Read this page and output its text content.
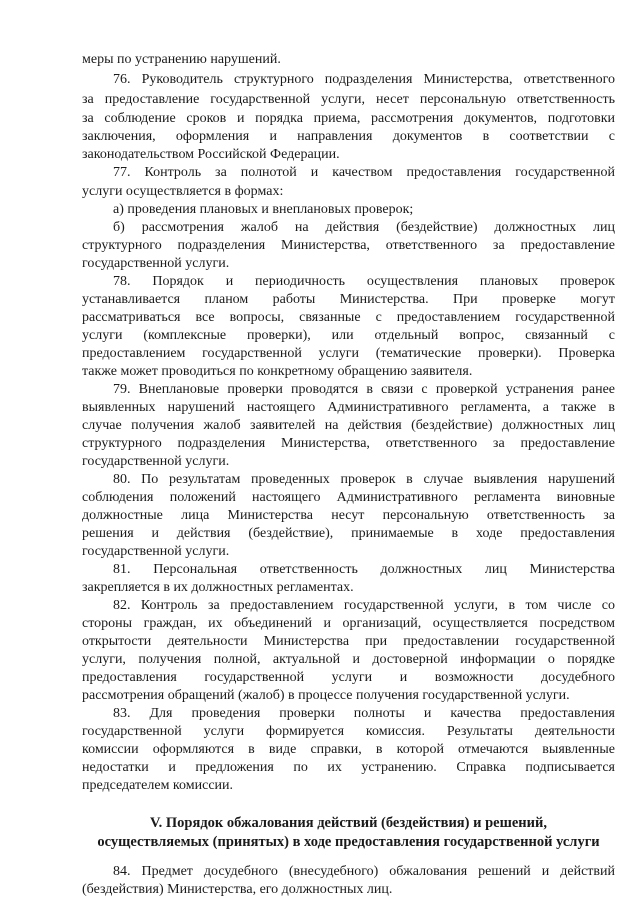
меры по устранению нарушений.
76. Руководитель структурного подразделения Министерства, ответственного
за предоставление государственной услуги, несет персональную ответственность
за соблюдение сроков и порядка приема, рассмотрения документов, подготовки
заключения, оформления и направления документов в соответствии с
законодательством Российской Федерации.
77. Контроль за полнотой и качеством предоставления государственной
услуги осуществляется в формах:
а) проведения плановых и внеплановых проверок;
б) рассмотрения жалоб на действия (бездействие) должностных лиц
структурного подразделения Министерства, ответственного за предоставление
государственной услуги.
78. Порядок и периодичность осуществления плановых проверок
устанавливается планом работы Министерства. При проверке могут
рассматриваться все вопросы, связанные с предоставлением государственной
услуги (комплексные проверки), или отдельный вопрос, связанный с
предоставлением государственной услуги (тематические проверки). Проверка
также может проводиться по конкретному обращению заявителя.
79. Внеплановые проверки проводятся в связи с проверкой устранения ранее
выявленных нарушений настоящего Административного регламента, а также в
случае получения жалоб заявителей на действия (бездействие) должностных лиц
структурного подразделения Министерства, ответственного за предоставление
государственной услуги.
80. По результатам проведенных проверок в случае выявления нарушений
соблюдения положений настоящего Административного регламента виновные
должностные лица Министерства несут персональную ответственность за
решения и действия (бездействие), принимаемые в ходе предоставления
государственной услуги.
81. Персональная ответственность должностных лиц Министерства
закрепляется в их должностных регламентах.
82. Контроль за предоставлением государственной услуги, в том числе со
стороны граждан, их объединений и организаций, осуществляется посредством
открытости деятельности Министерства при предоставлении государственной
услуги, получения полной, актуальной и достоверной информации о порядке
предоставления государственной услуги и возможности досудебного
рассмотрения обращений (жалоб) в процессе получения государственной услуги.
83. Для проведения проверки полноты и качества предоставления
государственной услуги формируется комиссия. Результаты деятельности
комиссии оформляются в виде справки, в которой отмечаются выявленные
недостатки и предложения по их устранению. Справка подписывается
председателем комиссии.
V. Порядок обжалования действий (бездействия) и решений,
осуществляемых (принятых) в ходе предоставления государственной услуги
84. Предмет досудебного (внесудебного) обжалования решений и действий
(бездействия) Министерства, его должностных лиц.
